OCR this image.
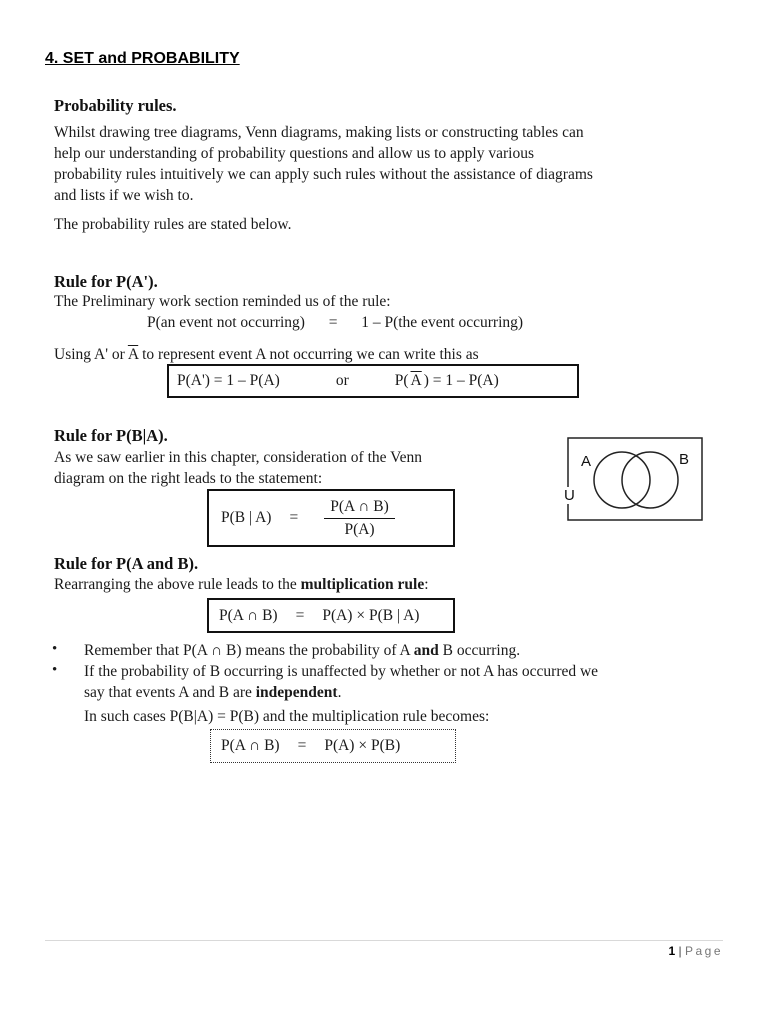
4. SET and PROBABILITY
Probability rules.
Whilst drawing tree diagrams, Venn diagrams, making lists or constructing tables can
help our understanding of probability questions and allow us to apply various
probability rules intuitively we can apply such rules without the assistance of diagrams
and lists if we wish to.
The probability rules are stated below.
Rule for P(A').
The Preliminary work section reminded us of the rule:
P(an event not occurring) = 1 – P(the event occurring)
Using A' or $\overline{A}$ to represent event A not occurring we can write this as
P(A') = 1 – P(A)	or	P( $\overline{A}$ ) = 1 – P(A)
Rule for P(B|A).
As we saw earlier in this chapter, consideration of the Venn
diagram on the right leads to the statement:
P(B | $A) = \frac{P(A \cap B)}{P(A)}$
A	B
U
Rule for P(A and B).
Rearranging the above rule leads to the multiplication rule:
P(A ∩ B) = P(A) × P(B | A)
• Remember that P(A ∩ B) means the probability of A and B occurring.
• If the probability of B occurring is unaffected by whether or not A has occurred we
say that events A and B are independent.
In such cases P(B|A) = P(B) and the multiplication rule becomes:
P(A ∩ B) = P(A) × P(B)
1 | Page
